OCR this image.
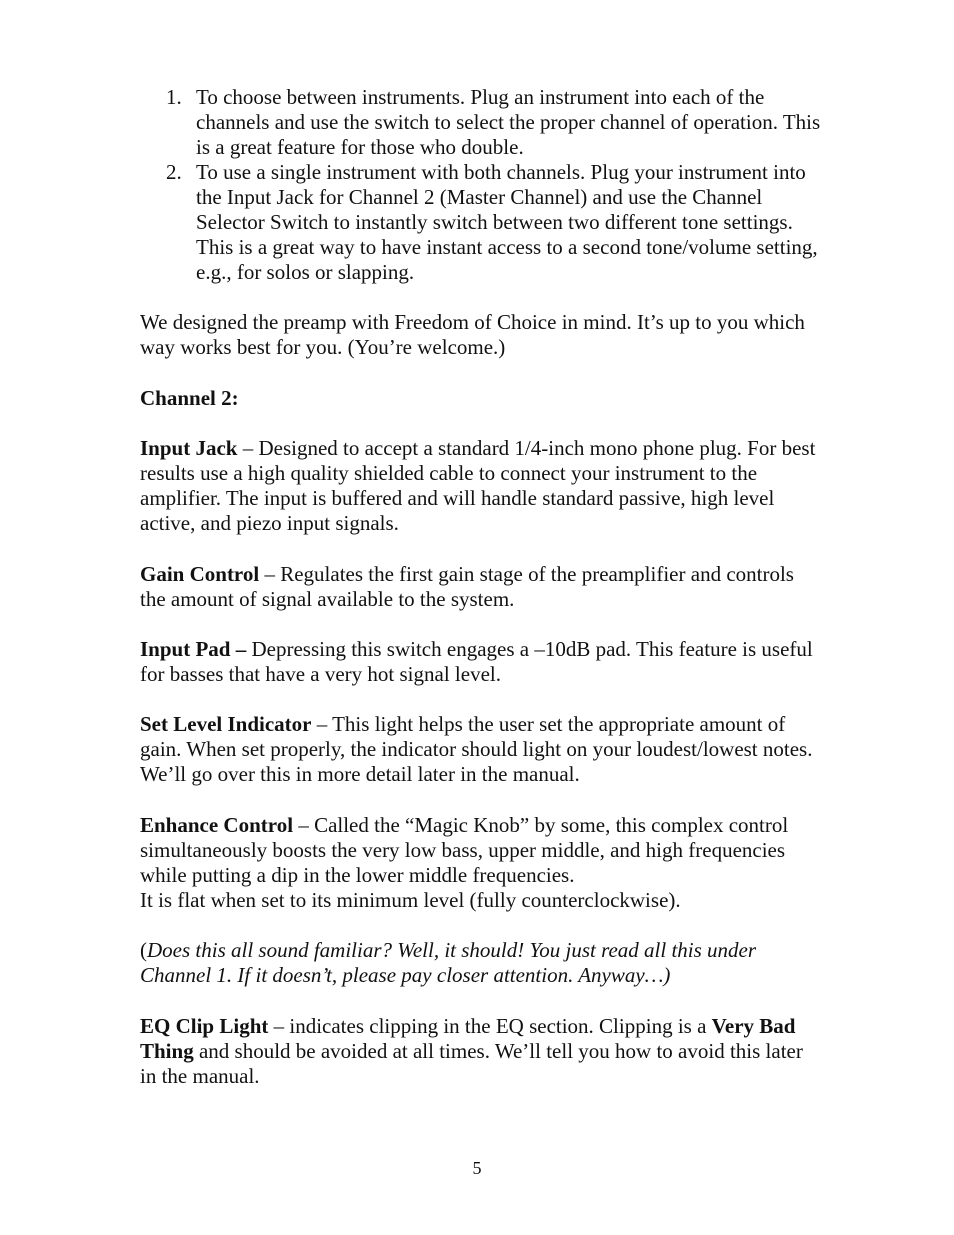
1. To choose between instruments. Plug an instrument into each of the channels and use the switch to select the proper channel of operation. This is a great feature for those who double.
2. To use a single instrument with both channels. Plug your instrument into the Input Jack for Channel 2 (Master Channel) and use the Channel Selector Switch to instantly switch between two different tone settings. This is a great way to have instant access to a second tone/volume setting, e.g., for solos or slapping.

We designed the preamp with Freedom of Choice in mind. It’s up to you which way works best for you. (You’re welcome.)

Channel 2:

Input Jack – Designed to accept a standard 1/4-inch mono phone plug. For best results use a high quality shielded cable to connect your instrument to the amplifier. The input is buffered and will handle standard passive, high level active, and piezo input signals.

Gain Control – Regulates the first gain stage of the preamplifier and controls the amount of signal available to the system.

Input Pad – Depressing this switch engages a –10dB pad. This feature is useful for basses that have a very hot signal level.

Set Level Indicator – This light helps the user set the appropriate amount of gain. When set properly, the indicator should light on your loudest/lowest notes. We’ll go over this in more detail later in the manual.

Enhance Control – Called the “Magic Knob” by some, this complex control simultaneously boosts the very low bass, upper middle, and high frequencies while putting a dip in the lower middle frequencies.
It is flat when set to its minimum level (fully counterclockwise).

(Does this all sound familiar? Well, it should! You just read all this under Channel 1. If it doesn’t, please pay closer attention. Anyway…)

EQ Clip Light – indicates clipping in the EQ section. Clipping is a Very Bad Thing and should be avoided at all times. We’ll tell you how to avoid this later in the manual.

5
